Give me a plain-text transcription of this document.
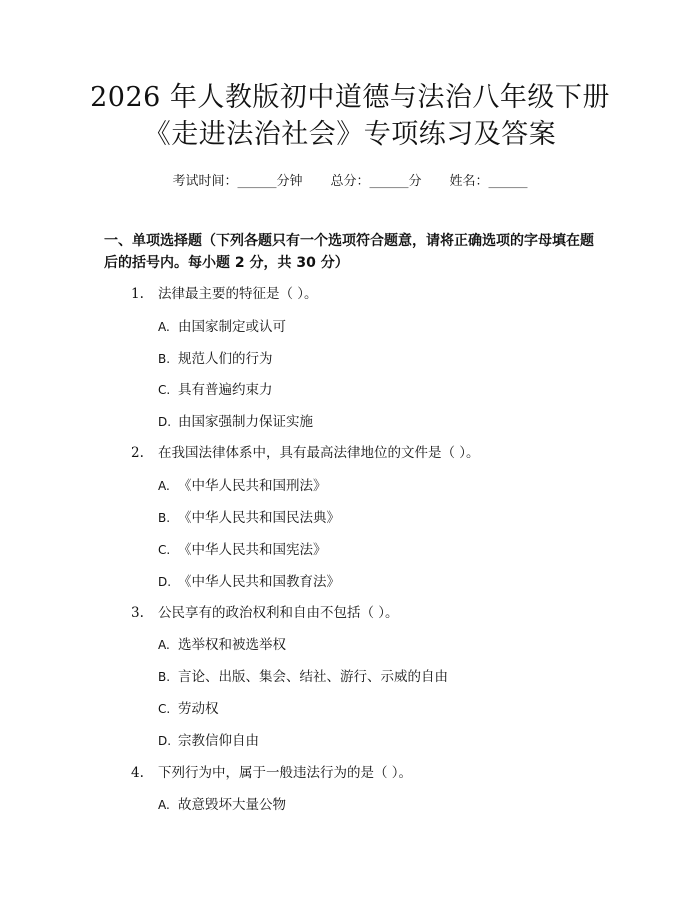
2026 年人教版初中道德与法治八年级下册
《走进法治社会》专项练习及答案
考试时间：______分钟 总分：______分 姓名：______
一、单项选择题（下列各题只有一个选项符合题意，请将正确选项的字母填在题后的括号内。每小题 2 分，共 30 分）
1. 法律最主要的特征是（ ）。
A. 由国家制定或认可
B. 规范人们的行为
C. 具有普遍约束力
D. 由国家强制力保证实施
2. 在我国法律体系中，具有最高法律地位的文件是（ ）。
A. 《中华人民共和国刑法》
B. 《中华人民共和国民法典》
C. 《中华人民共和国宪法》
D. 《中华人民共和国教育法》
3. 公民享有的政治权利和自由不包括（ ）。
A. 选举权和被选举权
B. 言论、出版、集会、结社、游行、示威的自由
C. 劳动权
D. 宗教信仰自由
4. 下列行为中，属于一般违法行为的是（ ）。
A. 故意毁坏大量公物
